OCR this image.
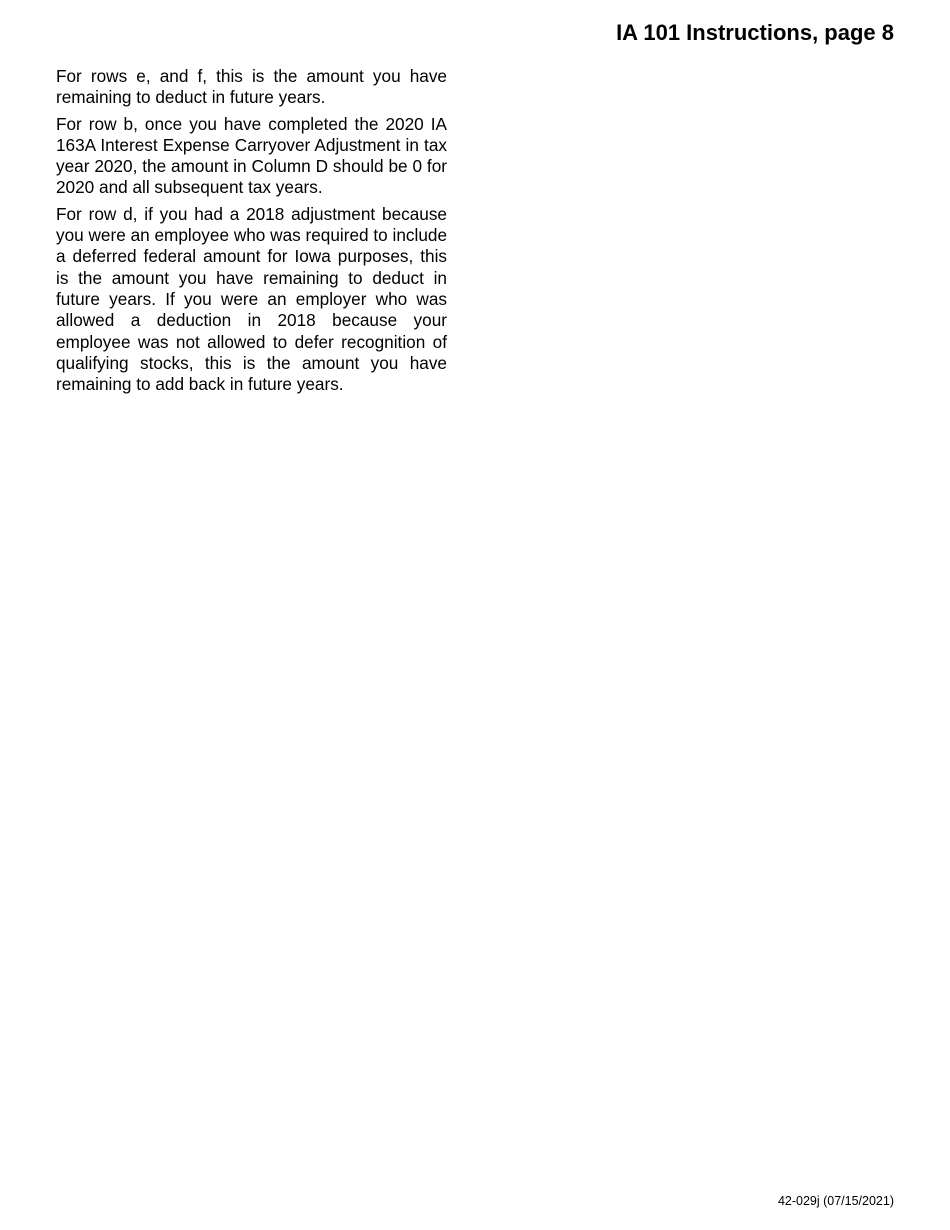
IA 101 Instructions, page 8

For rows e, and f, this is the amount you have remaining to deduct in future years.

For row b, once you have completed the 2020 IA 163A Interest Expense Carryover Adjustment in tax year 2020, the amount in Column D should be 0 for 2020 and all subsequent tax years.

For row d, if you had a 2018 adjustment because you were an employee who was required to include a deferred federal amount for Iowa purposes, this is the amount you have remaining to deduct in future years. If you were an employer who was allowed a deduction in 2018 because your employee was not allowed to defer recognition of qualifying stocks, this is the amount you have remaining to add back in future years.

42-029j (07/15/2021)
